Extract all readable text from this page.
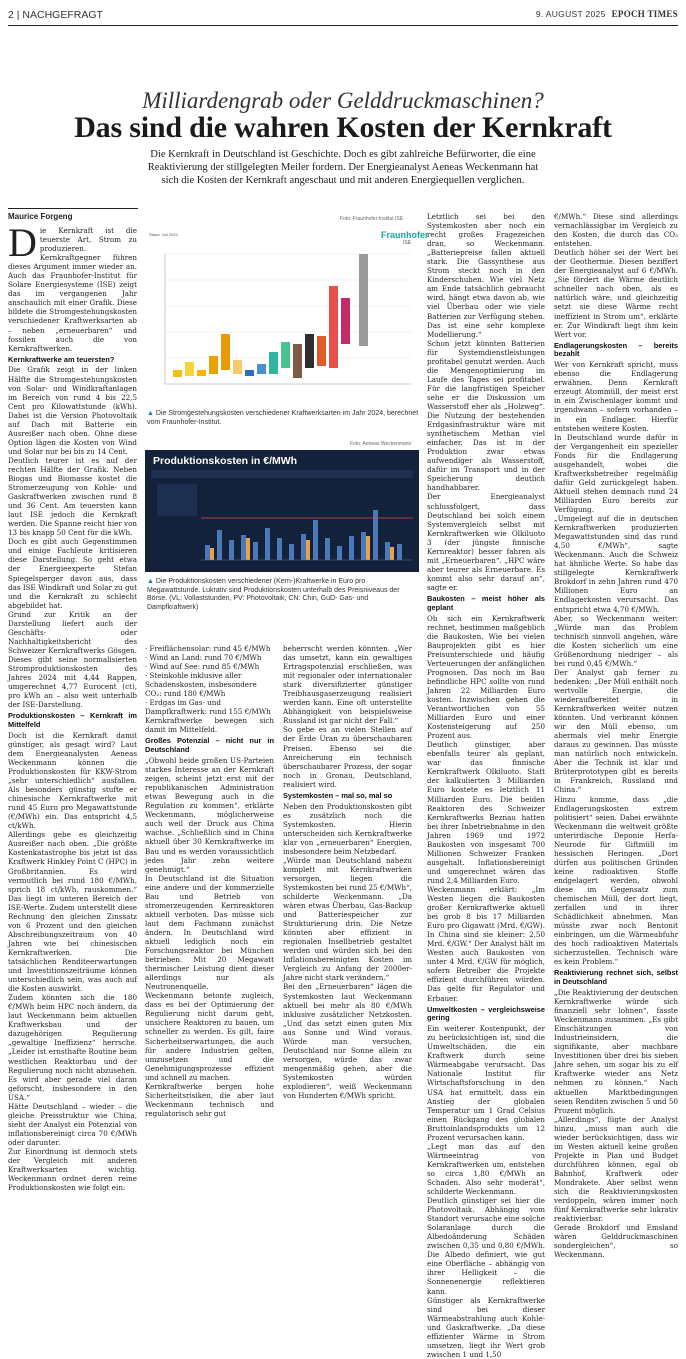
2 | NACHGEFRAGT	9. AUGUST 2025 EPOCH TIMES
Milliardengrab oder Gelddruckmaschinen?
Das sind die wahren Kosten der Kernkraft
Die Kernkraft in Deutschland ist Geschichte. Doch es gibt zahlreiche Befürworter, die eine Reaktivierung der stillgelegten Meiler fordern. Der Energieanalyst Aeneas Weckenmann hat sich die Kosten der Kernkraft angeschaut und mit anderen Energiequellen verglichen.
Maurice Forgeng

Die Kernkraft ist die teuerste Art, Strom zu produzieren. Kernkraftgegner führen dieses Argument immer wieder an. Auch das Fraunhofer-Institut für Solare Energiesysteme (ISE) zeigt das im vergangenen Jahr anschaulich mit einer Grafik. Diese bildete die Stromgestehungskosten verschiedener Kraftwerksarten ab – neben „erneuerbaren“ und fossilen auch die von Kernkraftwerken.

Kernkraftwerke am teuersten?

Die Grafik zeigt in der linken Hälfte die Stromgestehungskosten von Solar- und Windkraftanlagen im Bereich von rund 4 bis 22,5 Cent pro Kilowattstunde (kWh). Dabei ist die Version Photovoltaik auf Dach mit Batterie ein Ausreißer nach oben. Ohne diese Option lägen die Kosten von Wind und Solar nur bei bis zu 14 Cent.

Deutlich teurer ist es auf der rechten Hälfte der Grafik. Neben Biogas und Biomasse kostet die Stromerzeugung von Kohle- und Gaskraftwerken zwischen rund 8 und 36 Cent. Am teuersten kann laut ISE jedoch die Kernkraft werden. Die Spanne reicht hier von 13 bis knapp 50 Cent für die kWh.

Doch es gibt auch Gegenstimmen und einige Fachleute kritisieren diese Darstellung. So geht etwa der Energieexperte Stefan Spiegelsperger davon aus, dass das ISE Windkraft und Solar zu gut und die Kernkraft zu schlecht abgebildet hat.

Grund zur Kritik an der Darstellung liefert auch der Geschäfts- oder Nachhaltigkeitsbericht des Schweizer Kernkraftwerks Gösgen. Dieses gibt seine normalisierten Stromproduktionskosten des Jahres 2024 mit 4,44 Rappen, umgerechnet 4,77 Eurocent (ct), pro kWh an – also weit unterhalb der ISE-Darstellung.

Produktionskosten – Kernkraft im Mittelfeld

Doch ist die Kernkraft damit günstiger, als gesagt wird? Laut dem Energieanalysten Aeneas Weckenmann können die Produktionskosten für KKW-Strom „sehr unterschiedlich“ ausfallen. Als besonders günstig stufte er chinesische Kernkraftwerke mit rund 45 Euro pro Megawattstunde (€/MWh) ein. Das entspricht 4,5 ct/kWh.

Allerdings gebe es gleichzeitig Ausreißer nach oben. „Die größte Kostenkatastrophe bis jetzt ist das Kraftwerk Hinkley Point C (HPC) in Großbritannien. Es wird vermutlich bei rund 180 €/MWh, sprich 18 ct/kWh, rauskommen.“ Das liegt im unteren Bereich der ISE-Werte. Zudem unterstellt diese Rechnung den gleichen Zinssatz von 6 Prozent und den gleichen Abschreibungszeitraum von 40 Jahren wie bei chinesischen Kernkraftwerken. Die tatsächlichen Renditeerwartungen und Investitionszeiträume können unterschiedlich sein, was auch auf die Kosten auswirkt.

Zudem könnten sich die 180 €/MWh beim HPC noch ändern, da laut Weckenmann beim aktuellen Kraftwerksbau und der dazugehörigen Regulierung „gewaltige Ineffizienz“ herrsche. „Leider ist ernsthafte Routine beim westlichen Reaktorbau und der Regulierung noch nicht abzusehen. Es wird aber gerade viel daran geforscht, insbesondere in den USA.“

Hätte Deutschland – wieder – die gleiche Preisstruktur wie China, sieht der Analyst ein Potenzial von inflationsbereinigt circa 70 €/MWh oder darunter.

Zur Einordnung ist dennoch stets der Vergleich mit anderen Kraftwerksarten wichtig. Weckenmann ordnet deren reine Produktionskosten wie folgt ein:

· Freiflächensolar: rund 45 €/MWh

· Wind an Land: rund 70 €/MWh

· Wind auf See: rund 85 €/MWh

· Steinkohle inklusive aller Schadenskosten, insbesondere CO₂: rund 180 €/MWh

· Erdgas im Gas- und Dampfkraftwerk: rund 155 €/MWh

Kernkraftwerke bewegen sich damit im Mittelfeld.

Großes Potenzial – nicht nur in Deutschland

„Obwohl beide großen US-Parteien starkes Interesse an der Kernkraft zeigen, scheint jetzt erst mit der republikanischen Administration etwas Bewegung auch in die Regulation zu kommen“, erklärte Weckenmann, möglicherweise auch weil der Druck aus China wachse. „Schließlich sind in China aktuell über 30 Kernkraftwerke im Bau und es werden voraussichtlich jedes Jahr zehn weitere genehmigt.“

In Deutschland ist die Situation eine andere und der kommerzielle Bau und Betrieb von stromerzeugenden Kernreaktoren aktuell verboten. Das müsse sich laut dem Fachmann zunächst ändern. In Deutschland wird aktuell lediglich noch ein Forschungsreaktor bei München betrieben. Mit 20 Megawatt thermischer Leistung dient dieser allerdings nur als Neutronenquelle.

Weckenmann betonte zugleich, dass es bei der Optimierung der Regulierung nicht darum geht, unsichere Reaktoren zu bauen, um schneller zu werden. Es gilt, faire Sicherheitserwartungen, die auch für andere Industrien gelten, umzusetzen und die Genehmigungsprozesse effizient und schnell zu machen.

Kernkraftwerke bergen hohe Sicherheitsrisiken, die aber laut Weckenmann technisch und regulatorisch sehr gut

beherrscht werden könnten. „Wer das umsetzt, kann ein gewaltiges Ertragspotenzial erschließen, was mit regionaler oder internationaler stark diversifizierter günstiger Treibhausgaserzeugung realisiert werden kann. Eine oft unterstellte Abhängigkeit von beispielsweise Russland ist gar nicht der Fall.“

So gebe es an vielen Stellen auf der Erde Uran zu überschaubaren Preisen. Ebenso sei die Anreicherung ein technisch überschaubarer Prozess, der sogar noch in Gronau, Deutschland, realisiert wird.

Systemkosten – mal so, mal so

Neben den Produktionskosten gibt es zusätzlich noch die Systemkosten. Hierin unterscheiden sich Kernkraftwerke klar von „erneuerbaren“ Energien, insbesondere beim Netzbedarf.

„Würde man Deutschland nahezu komplett mit Kernkraftwerken versorgen, liegen die Systemkosten bei rund 25 €/MWh“, schilderte Weckenmann. „Da wären etwas Überbau, Gas-Backup und Batteriespeicher zur Strukturierung drin. Die Netze könnten aber effizient in regionalen Insellbetrieb gestaltet werden und würden sich bei den Inflationsbereinigten Kosten im Vergleich zu Anfang der 2000er-Jahre nicht stark verändern.“

Bei den „Erneuerbaren“ lägen die Systemkosten laut Weckenmann aktuell bei mehr als 80 €/MWh inklusive zusätzlicher Netzkosten. „Und das setzt einen guten Mix aus Sonne und Wind voraus. Würde man versuchen, Deutschland nur Sonne allein zu versorgen, würde das zwar mengenmäßig gehen, aber die Systemkosten würden explodieren“, weiß Weckenmann von Hunderten €/MWh spricht.

Letztlich sei bei den Systemkosten aber noch ein recht großes Fragezeichen dran, so Weckenmann. „Batteriepreise fallen aktuell stark. Die Gassynthese aus Strom steckt noch in den Kinderschuhen. Wie viel Netz am Ende tatsächlich gebraucht wird, hängt etwa davon ab, wie viel Überbau oder wie viele Batterien zur Verfügung stehen. Das ist eine sehr komplexe Modellierung.“

Schon jetzt könnten Batterien für Systemdienstleistungen profitabel genutzt werden. Auch die Mengenoptimierung im Laufe des Tages sei profitabel. Für die langfristigen Speicher sehe er die Diskussion um Wasserstoff eher als „Holzweg“. Die Nutzung der bestehenden Erdgasinfrastruktur wäre mit synthetischem Methan viel einfacher. Das ist in der Produktion zwar etwas aufwendiger als Wasserstoff, dafür im Transport und in der Speicherung deutlich handhabbarer.

Der Energieanalyst schlussfolgert, dass Deutschland bei solch einem Systemvergleich selbst mit Kernkraftwerken wie Olkiluoto 3 (der jüngste finnische Kernreaktor) besser fahren als mit „Erneuerbaren“. „HPC wäre aber teurer als Erneuerbare. Es kommt also sehr darauf an“, sagte er.

Baukosten – meist höher als geplant

Ob sich ein Kernkraftwerk rechnet, bestimmen maßgeblich die Baukosten. Wie bei vielen Bauprojekten gibt es hier Preisunterschiede und häufig Verteuerungen der anfänglichen Prognosen. Das noch im Bau befindliche HPC sollte von rund Jahren 22 Milliarden Euro kosten. Inzwischen gehen die Verantwortlichen von 55 Milliarden Euro und einer Kostensteigerung auf 250 Prozent aus.

Deutlich günstiger, aber ebenfalls teurer als geplant, war das finnische Kernkraftwerk Olkiluoto. Statt der kalkulierten 3 Milliarden Euro kostete es letztlich 11 Milliarden Euro. Die beiden Reaktoren des Schweizer Kernkraftwerks Beznau hatten bei ihrer Inbetriebnahme in den Jahren 1969 und 1972 Baukosten von insgesamt 700 Millionen Schweizer Franken ausgehalt. Inflationsbereinigt und umgerechnet wären das rund 2,4 Milliarden Euro.

Weckenmann erklärt: „Im Westen liegen die Baukosten großer Kernkraftwerke aktuell bei grob 8 bis 17 Milliarden Euro pro Gigawatt (Mrd. €/GW). In China sind sie kleiner: 2,50 Mrd. €/GW.“ Der Analyst hält im Westen auch Baukosten von unter 4 Mrd. €/GW für möglich, sofern Betreiber die Projekte effizient durchführen würden. Das gelte für Regulator und Erbauer.

Umweltkosten – vergleichsweise gering

Ein weiterer Kostenpunkt, der zu berücksichtigen ist, sind die Umweltschäden, die ein Kraftwerk durch seine Wärmeabgabe verursacht. Das Nationale Institut für Wirtschaftsforschung in den USA hat ermittelt, dass ein Anstieg der globalen Temperatur um 1 Grad Celsius einen Rückgang des globalen Bruttoinlandsprodukts um 12 Prozent verursachen kann.

„Legt man das auf den Wärmeeintrag von Kernkraftwerken um, entstehen so circa 1,80 €/MWh an Schaden. Also sehr moderat“, schilderte Weckenmann.

Deutlich günstiger sei hier die Photovoltaik. Abhängig vom Standort verursache eine solche Solaranlage durch die Albedoänderung Schäden zwischen 0,35 und 0,80 €/MWh. Die Albedo definiert, wie gut eine Oberfläche – abhängig von ihrer Helligkeit – die Sonnenenergie reflektieren kann.

Günstiger als Kernkraftwerke sind bei dieser Wärmeabstrahlung auch Kohle- und Gaskraftwerke. „Da diese effizienter Wärme in Strom umsetzen, liegt ihr Wert grob zwischen 1 und 1,50

€/MWh.“ Diese sind allerdings vernachlässigbar im Vergleich zu den Kosten, die durch das CO₂ entstehen.

Deutlich höher sei der Wert bei der Geothermie. Diesen beziffert der Energieanalyst auf 6 €/MWh. „Sie fördert die Wärme deutlich schneller nach oben, als es natürlich wäre, und gleichzeitig setzt sie diese Wärme recht ineffizient in Strom um“, erklärte er. Zur Windkraft liegt ihm kein Wert vor.

Endlagerungskosten – bereits bezahlt

Wer von Kernkraft spricht, muss ebenso die Endlagerung erwähnen. Denn Kernkraft erzeugt Atommüll, der meist erst in ein Zwischenlager kommt und irgendwann – sofern vorhanden – in ein Endlager. Hierfür entstehen weitere Kosten.

In Deutschland wurde dafür in der Vergangenheit ein spezieller Fonds für die Endlagerung ausgehandelt, wobei die Kraftwerksbetreiber regelmäßig dafür Geld zurückgelegt haben. Aktuell stehen demnach rund 24 Milliarden Euro bereits zur Verfügung.

„Umgelegt auf die in deutschen Kernkraftwerken produzierten Megawattstunden sind das rund 4,50 €/MWh“, sagte Weckenmann. Auch die Schweiz hat ähnliche Werte. So habe das stillgelegte Kernkraftwerk Brokdorf in zehn Jahren rund 470 Millionen Euro an Endlagerkosten verursacht. Das entspricht etwa 4,70 €/MWh.

Aber, so Weckenmann weiter: „Würde man das Problem technisch sinnvoll angehen, wäre die Kosten sicherlich um eine Größenordnung niedriger – als bei rund 0,45 €/MWh.“

Der Analyst gab ferner zu bedenken: „Der Müll enthält noch wertvolle Energie, die wiederaufbereitet in Kernkraftwerken weiter nutzen könnten. Und verbrannt können wir den Müll ebenso, um abermals viel mehr Energie daraus zu gewinnen. Das müsste man natürlich noch entwickeln. Aber die Technik ist klar und Brüterprototypen gibt es bereits in Frankreich, Russland und China.“

Hinzu komme, dass „die Endlagerungskosten extrem politisiert“ seien. Dabei erwähnte Weckenmann die weltweit größte unterirdische Deponie Herfa-Neurode für Giftmüll im hessischen Heringen. „Dort dürfen aus politischen Gründen keine radioaktiven Stoffe endgelagert werden, obwohl diese im Gegensatz zum chemischen Müll, der dort liegt, zerfallen und in ihrer Schädlichkeit abnehmen. Man müsste zwar noch Bentonit einbringen, um die Wärmeabfuhr des hoch radioaktiven Materials sicherzustellen. Technisch wäre es kein Problem.“

Reaktivierung rechnet sich, selbst in Deutschland

„Die Reaktivierung der deutschen Kernkraftwerke würde sich finanziell sehr lohnen“, fasste Weckenmann zusammen. „Es gibt Einschätzungen von Industrieinsidern, die signifikante, aber machbare Investitionen über drei bis sieben Jahre sehen, um sogar bis zu elf Kraftwerke wieder ans Netz nehmen zu können.“ Nach aktuellen Marktbedingungen seien Renditen zwischen 5 und 50 Prozent möglich.

„Allerdings“, fügte der Analyst hinzu, „muss man auch die wieder berücksichtigen, dass wir im Westen aktuell keine großen Projekte in Plan und Budget durchführen können, egal ob Bahnhof, Kraftwerk oder Mondrakete. Aber selbst wenn sich die Reaktivierungskosten verdoppeln, wären immer noch fünf Kernkraftwerke sehr lukrativ reaktivierbar.

Gerade Brokdorf und Emsland wären Gelddruckmaschinen sondergleichen“, so Weckenmann.

Foto: Fraunhofer-Institut ISE
Stand: Juli 2024	Fraunhofer
ISE
▲ Die Stromgestehungskosten verschiedener Kraftwerksarten im Jahr 2024, berechnet vom Fraunhofer-Institut.
Foto: Aeneas Weckenmann
Produktionskosten in €/MWh
▲ Die Produktionskosten verschiedener (Kern-)Kraftwerke in Euro pro Megawattstunde. Lukrativ sind Produktionskosten unterhalb des Preisniveaus der Börse. (VL: Vollaststunden, PV: Photovoltaik, CN: Chin, GuD- Gas- und Dampfkraftwerk)
